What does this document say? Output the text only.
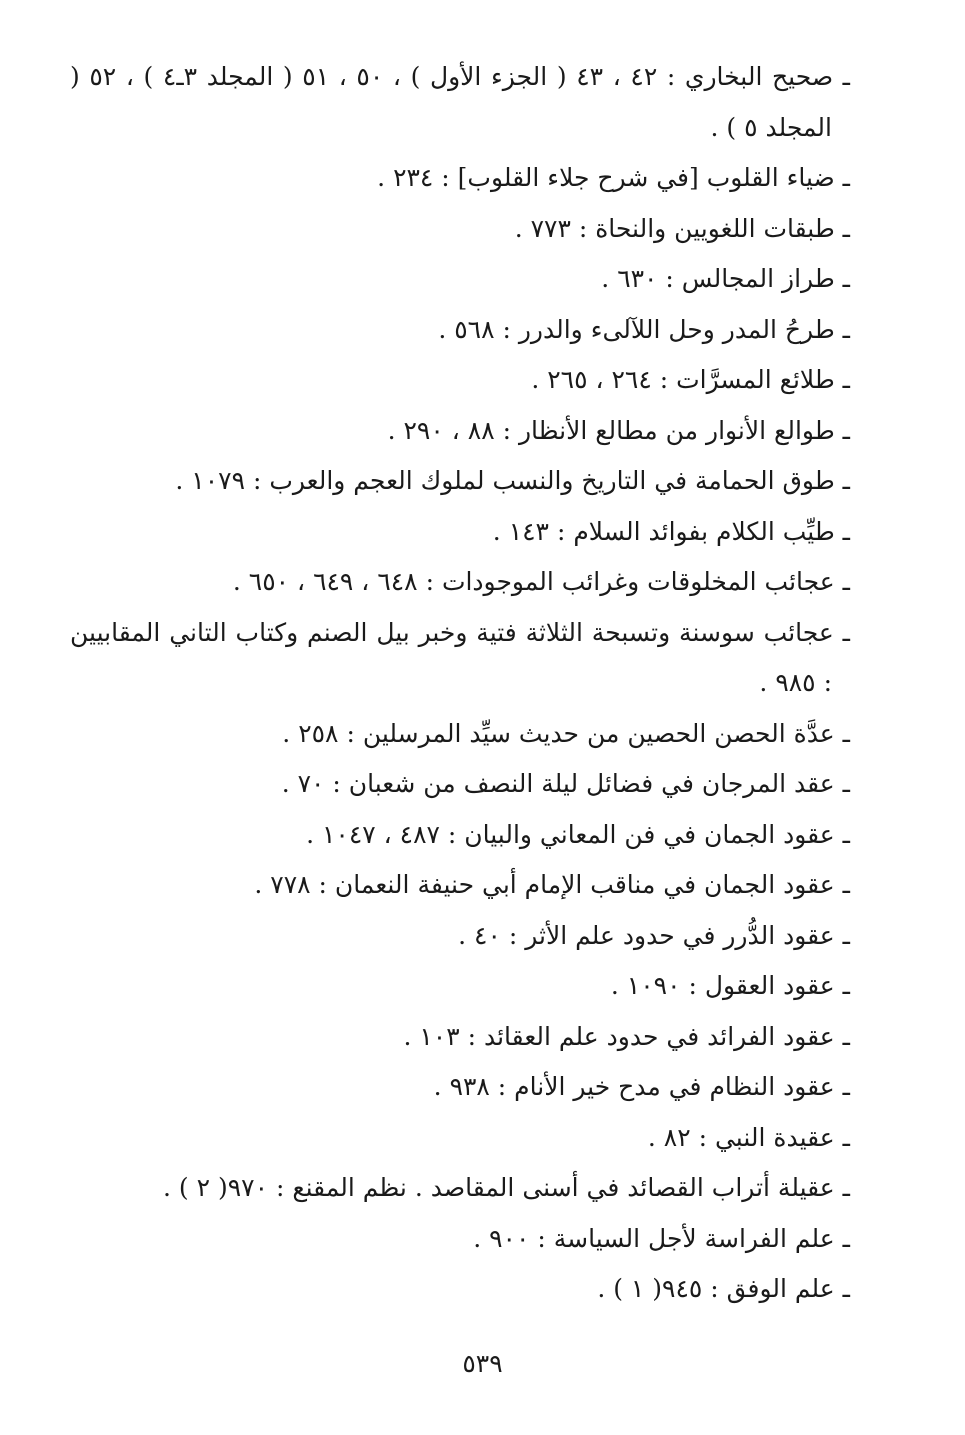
ـ صحيح البخاري : ٤٢ ، ٤٣ ( الجزء الأول ) ، ٥٠ ، ٥١ ( المجلد ٣ـ٤ ) ، ٥٢ ( المجلد ٥ ) .

ـ ضياء القلوب [في شرح جلاء القلوب] : ٢٣٤ .

ـ طبقات اللغويين والنحاة : ٧٧٣ .

ـ طراز المجالس : ٦٣٠ .

ـ طرحُ المدر وحل اللآلىء والدرر : ٥٦٨ .

ـ طلائع المسرَّات : ٢٦٤ ، ٢٦٥ .

ـ طوالع الأنوار من مطالع الأنظار : ٨٨ ، ٢٩٠ .

ـ طوق الحمامة في التاريخ والنسب لملوك العجم والعرب : ١٠٧٩ .

ـ طيِّب الكلام بفوائد السلام : ١٤٣ .

ـ عجائب المخلوقات وغرائب الموجودات : ٦٤٨ ، ٦٤٩ ، ٦٥٠ .

ـ عجائب سوسنة وتسبحة الثلاثة فتية وخبر بيل الصنم وكتاب التاني المقابيين : ٩٨٥ .

ـ عدَّة الحصن الحصين من حديث سيِّد المرسلين : ٢٥٨ .

ـ عقد المرجان في فضائل ليلة النصف من شعبان : ٧٠ .

ـ عقود الجمان في فن المعاني والبيان : ٤٨٧ ، ١٠٤٧ .

ـ عقود الجمان في مناقب الإمام أبي حنيفة النعمان : ٧٧٨ .

ـ عقود الدُّرر في حدود علم الأثر : ٤٠ .

ـ عقود العقول : ١٠٩٠ .

ـ عقود الفرائد في حدود علم العقائد : ١٠٣ .

ـ عقود النظام في مدح خير الأنام : ٩٣٨ .

ـ عقيدة النبي : ٨٢ .

ـ عقيلة أتراب القصائد في أسنى المقاصد . نظم المقنع : ٩٧٠( ٢ ) .

ـ علم الفراسة لأجل السياسة : ٩٠٠ .

ـ علم الوفق : ٩٤٥( ١ ) .

٥٣٩
